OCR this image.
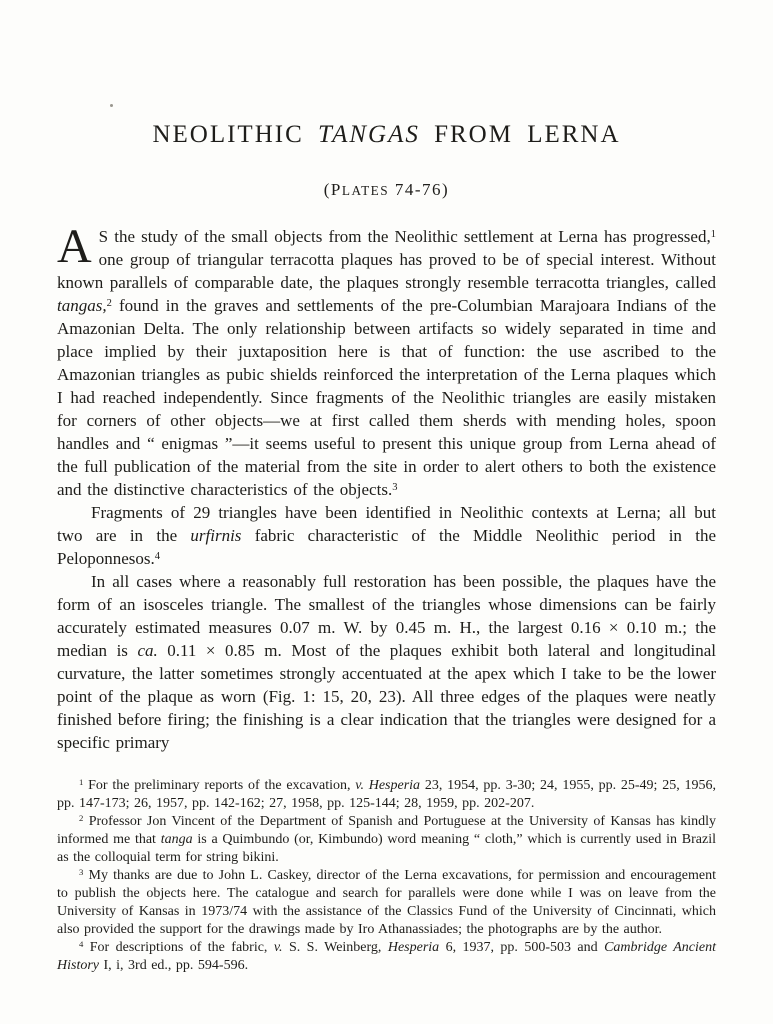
NEOLITHIC TANGAS FROM LERNA
(PLATES 74-76)

A S the study of the small objects from the Neolithic settlement at Lerna has progressed,$^1$ one group of triangular terracotta plaques has proved to be of special interest. Without known parallels of comparable date, the plaques strongly resemble terracotta triangles, called tangas,$^2$ found in the graves and settlements of the pre-Columbian Marajoara Indians of the Amazonian Delta. The only relationship between artifacts so widely separated in time and place implied by their juxtaposition here is that of function: the use ascribed to the Amazonian triangles as pubic shields reinforced the interpretation of the Lerna plaques which I had reached independently. Since fragments of the Neolithic triangles are easily mistaken for corners of other objects—we at first called them sherds with mending holes, spoon handles and “ enigmas ”—it seems useful to present this unique group from Lerna ahead of the full publication of the material from the site in order to alert others to both the existence and the distinctive characteristics of the objects.$^3$

Fragments of 29 triangles have been identified in Neolithic contexts at Lerna; all but two are in the urfirnis fabric characteristic of the Middle Neolithic period in the Peloponnesos.$^4$

In all cases where a reasonably full restoration has been possible, the plaques have the form of an isosceles triangle. The smallest of the triangles whose dimensions can be fairly accurately estimated measures 0.07 m. W. by 0.45 m. H., the largest 0.16 × 0.10 m.; the median is ca. 0.11 × 0.85 m. Most of the plaques exhibit both lateral and longitudinal curvature, the latter sometimes strongly accentuated at the apex which I take to be the lower point of the plaque as worn (Fig. 1: 15, 20, 23). All three edges of the plaques were neatly finished before firing; the finishing is a clear indication that the triangles were designed for a specific primary

$^1$ For the preliminary reports of the excavation, v. Hesperia 23, 1954, pp. 3-30; 24, 1955, pp. 25-49; 25, 1956, pp. 147-173; 26, 1957, pp. 142-162; 27, 1958, pp. 125-144; 28, 1959, pp. 202-207.

$^2$ Professor Jon Vincent of the Department of Spanish and Portuguese at the University of Kansas has kindly informed me that tanga is a Quimbundo (or, Kimbundo) word meaning “ cloth,” which is currently used in Brazil as the colloquial term for string bikini.

$^3$ My thanks are due to John L. Caskey, director of the Lerna excavations, for permission and encouragement to publish the objects here. The catalogue and search for parallels were done while I was on leave from the University of Kansas in 1973/74 with the assistance of the Classics Fund of the University of Cincinnati, which also provided the support for the drawings made by Iro Athanassiades; the photographs are by the author.

$^4$ For descriptions of the fabric, v. S. S. Weinberg, Hesperia 6, 1937, pp. 500-503 and Cambridge Ancient History I, i, 3rd ed., pp. 594-596.
